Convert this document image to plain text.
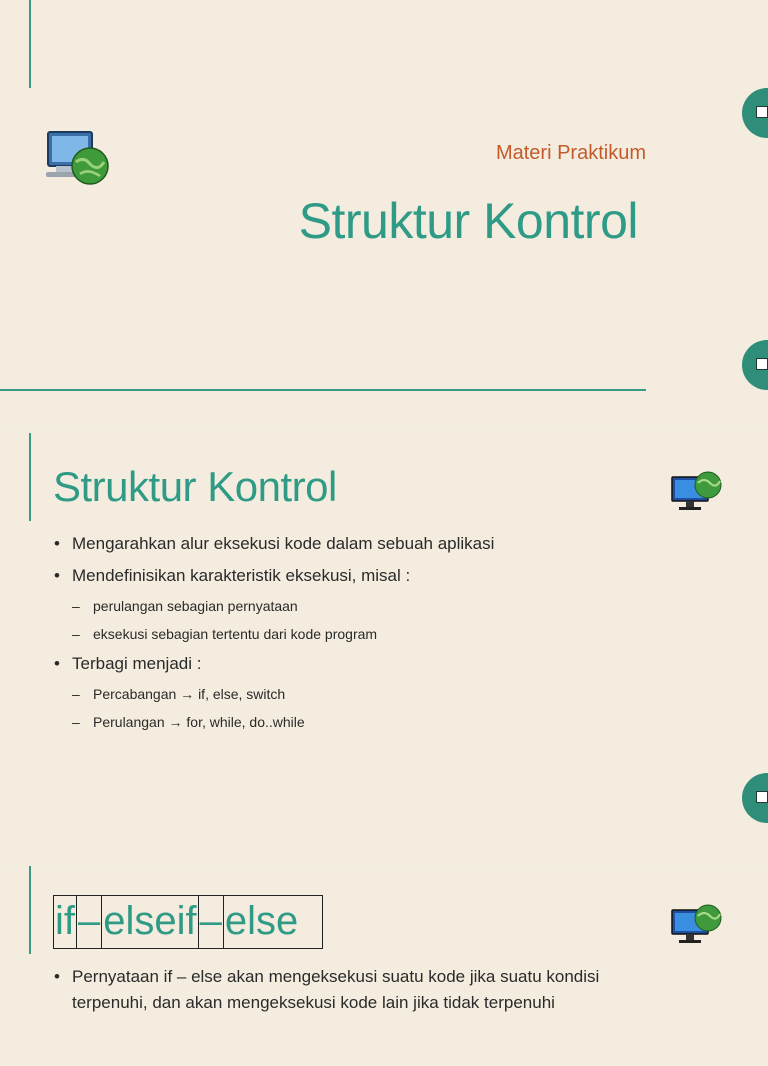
Materi Praktikum
Struktur Kontrol
Struktur Kontrol
• Mengarahkan alur eksekusi kode dalam sebuah aplikasi
• Mendefinisikan karakteristik eksekusi, misal :
– perulangan sebagian pernyataan
– eksekusi sebagian tertentu dari kode program
• Terbagi menjadi :
– Percabangan → if, else, switch
– Perulangan → for, while, do..while
if – elseif – else
• Pernyataan if – else akan mengeksekusi suatu kode jika suatu kondisi terpenuhi, dan akan mengeksekusi kode lain jika tidak terpenuhi
